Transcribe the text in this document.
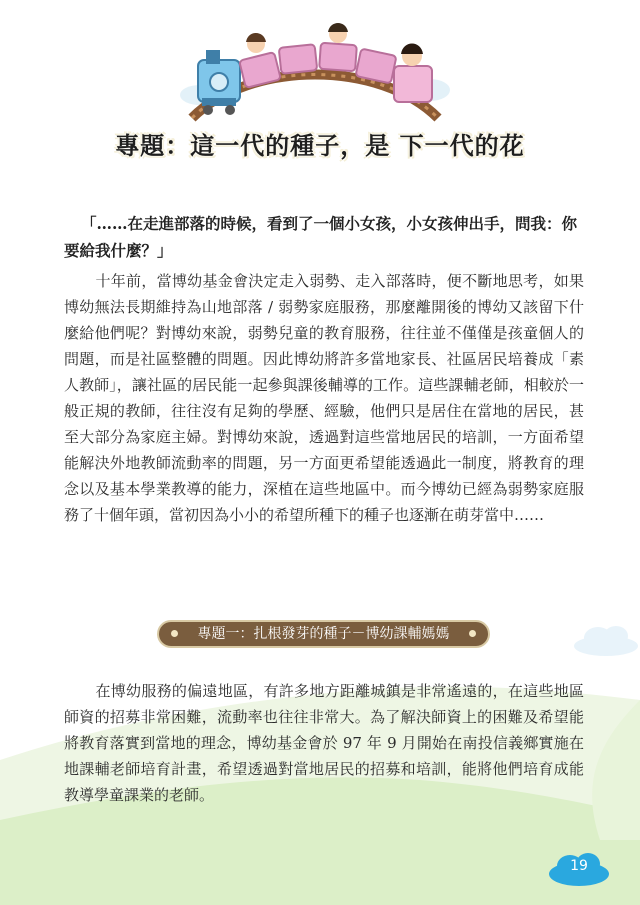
專題：這一代的種子，是 下一代的花
「……在走進部落的時候，看到了一個小女孩，小女孩伸出手，問我：你要給我什麼？」
十年前，當博幼基金會決定走入弱勢、走入部落時，便不斷地思考，如果博幼無法長期維持為山地部落 / 弱勢家庭服務，那麼離開後的博幼又該留下什麼給他們呢？對博幼來說，弱勢兒童的教育服務，往往並不僅僅是孩童個人的問題，而是社區整體的問題。因此博幼將許多當地家長、社區居民培養成「素人教師」，讓社區的居民能一起參與課後輔導的工作。這些課輔老師，相較於一般正規的教師，往往沒有足夠的學歷、經驗，他們只是居住在當地的居民，甚至大部分為家庭主婦。對博幼來說，透過對這些當地居民的培訓，一方面希望能解決外地教師流動率的問題，另一方面更希望能透過此一制度，將教育的理念以及基本學業教導的能力，深植在這些地區中。而今博幼已經為弱勢家庭服務了十個年頭，當初因為小小的希望所種下的種子也逐漸在萌芽當中……
專題一：扎根發芽的種子－博幼課輔媽媽
在博幼服務的偏遠地區，有許多地方距離城鎮是非常遙遠的，在這些地區師資的招募非常困難，流動率也往往非常大。為了解決師資上的困難及希望能將教育落實到當地的理念，博幼基金會於 97 年 9 月開始在南投信義鄉實施在地課輔老師培育計畫，希望透過對當地居民的招募和培訓，能將他們培育成能教導學童課業的老師。
19
